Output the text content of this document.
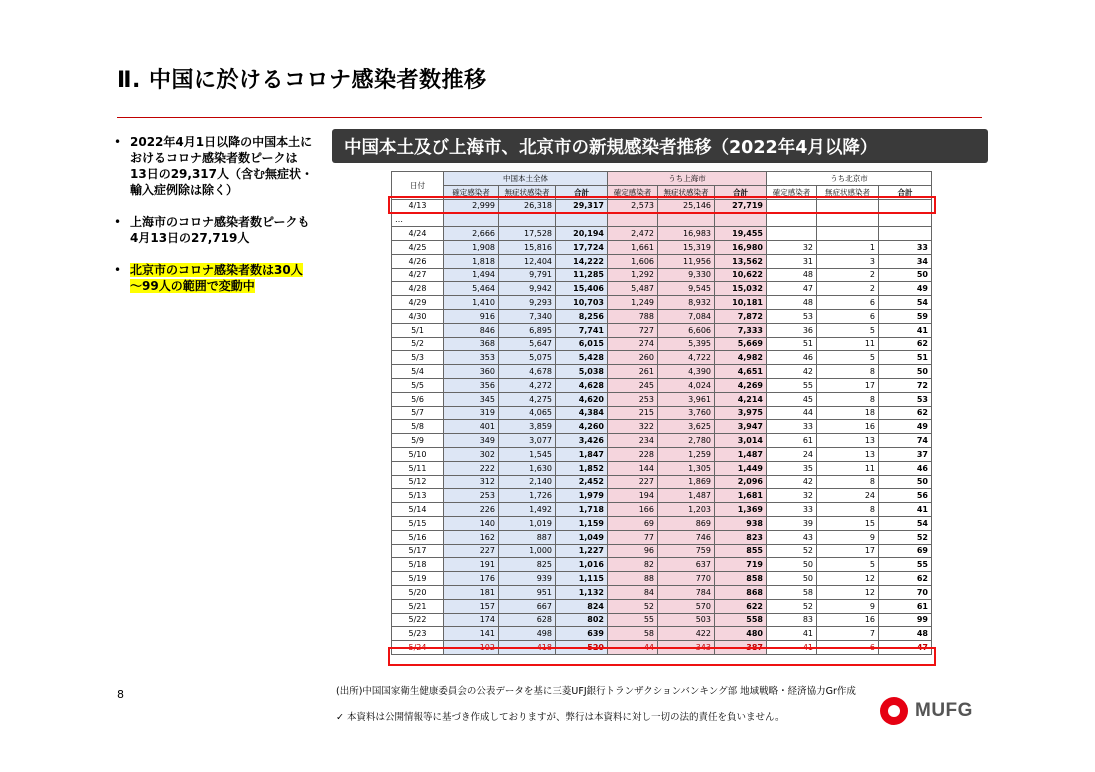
Ⅱ. 中国に於けるコロナ感染者数推移
• 2022年4月1日以降の中国本土におけるコロナ感染者数ピークは13日の29,317人（含む無症状・輸入症例除は除く）
• 上海市のコロナ感染者数ピークも4月13日の27,719人
• 北京市のコロナ感染者数は30人～99人の範囲で変動中
中国本土及び上海市、北京市の新規感染者推移（2022年4月以降）
日付	中国本土全体			うち上海市			うち北京市		
	確定感染者	無症状感染者	合計	確定感染者	無症状感染者	合計	確定感染者	無症状感染者	合計
4/13	2,999	26,318	29,317	2,573	25,146	27,719			
…									
4/24	2,666	17,528	20,194	2,472	16,983	19,455			
4/25	1,908	15,816	17,724	1,661	15,319	16,980	32	1	33
4/26	1,818	12,404	14,222	1,606	11,956	13,562	31	3	34
4/27	1,494	9,791	11,285	1,292	9,330	10,622	48	2	50
4/28	5,464	9,942	15,406	5,487	9,545	15,032	47	2	49
4/29	1,410	9,293	10,703	1,249	8,932	10,181	48	6	54
4/30	916	7,340	8,256	788	7,084	7,872	53	6	59
5/1	846	6,895	7,741	727	6,606	7,333	36	5	41
5/2	368	5,647	6,015	274	5,395	5,669	51	11	62
5/3	353	5,075	5,428	260	4,722	4,982	46	5	51
5/4	360	4,678	5,038	261	4,390	4,651	42	8	50
5/5	356	4,272	4,628	245	4,024	4,269	55	17	72
5/6	345	4,275	4,620	253	3,961	4,214	45	8	53
5/7	319	4,065	4,384	215	3,760	3,975	44	18	62
5/8	401	3,859	4,260	322	3,625	3,947	33	16	49
5/9	349	3,077	3,426	234	2,780	3,014	61	13	74
5/10	302	1,545	1,847	228	1,259	1,487	24	13	37
5/11	222	1,630	1,852	144	1,305	1,449	35	11	46
5/12	312	2,140	2,452	227	1,869	2,096	42	8	50
5/13	253	1,726	1,979	194	1,487	1,681	32	24	56
5/14	226	1,492	1,718	166	1,203	1,369	33	8	41
5/15	140	1,019	1,159	69	869	938	39	15	54
5/16	162	887	1,049	77	746	823	43	9	52
5/17	227	1,000	1,227	96	759	855	52	17	69
5/18	191	825	1,016	82	637	719	50	5	55
5/19	176	939	1,115	88	770	858	50	12	62
5/20	181	951	1,132	84	784	868	58	12	70
5/21	157	667	824	52	570	622	52	9	61
5/22	174	628	802	55	503	558	83	16	99
5/23	141	498	639	58	422	480	41	7	48
5/24	102	418	520	44	343	387	41	6	47
8	(出所)中国国家衛生健康委員会の公表データを基に三菱UFJ銀行トランザクションバンキング部 地域戦略・経済協力Gr作成
✓ 本資料は公開情報等に基づき作成しておりますが、弊行は本資料に対し一切の法的責任を負いません。	MUFG
